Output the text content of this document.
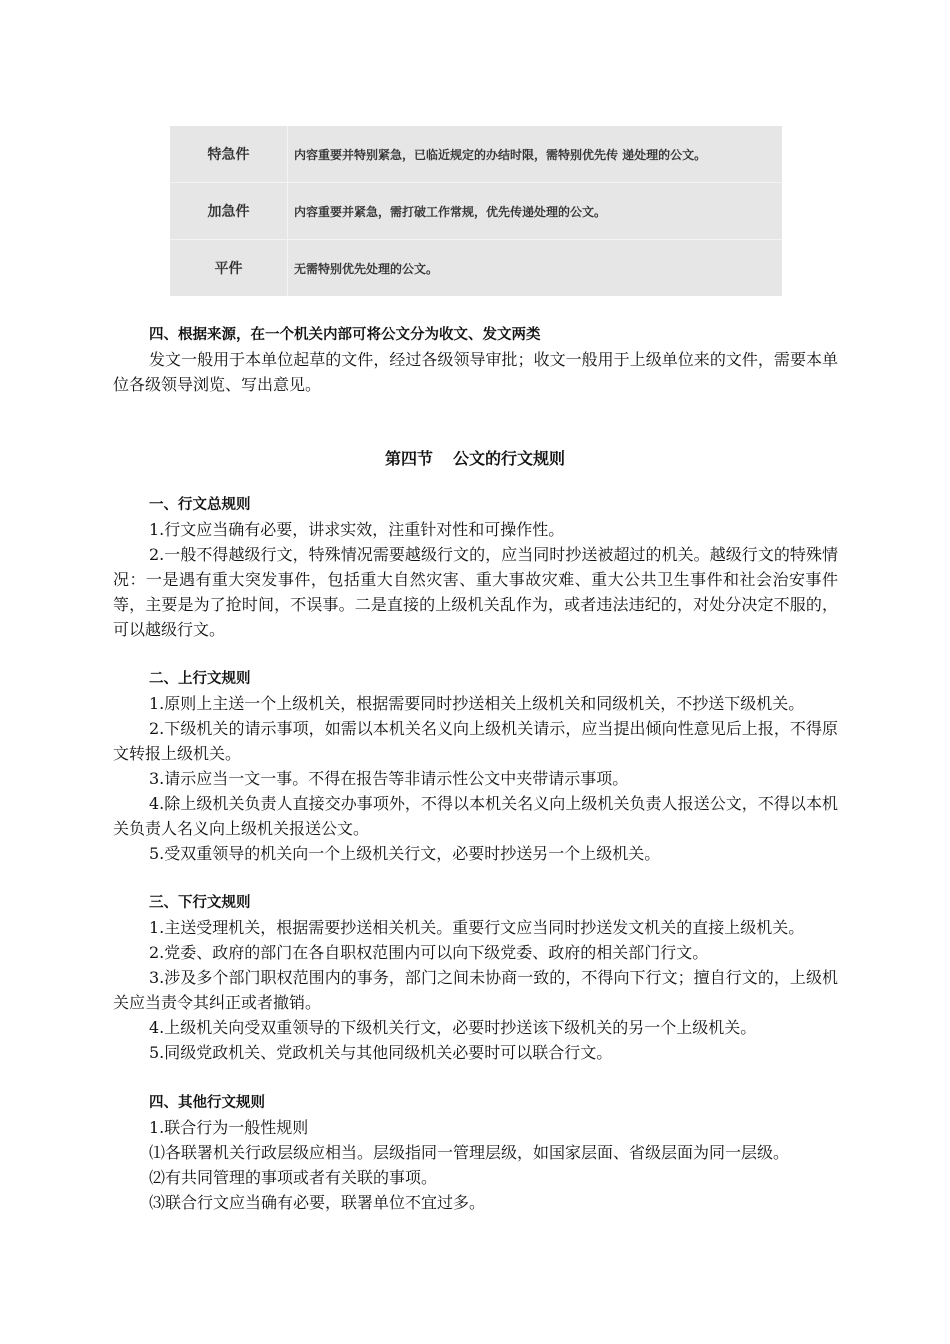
特急件	内容重要并特别紧急，已临近规定的办结时限，需特别优先传 递处理的公文。
加急件	内容重要并紧急，需打破工作常规，优先传递处理的公文。
平件	无需特别优先处理的公文。

四、根据来源，在一个机关内部可将公文分为收文、发文两类

发文一般用于本单位起草的文件，经过各级领导审批；收文一般用于上级单位来的文件，需要本单位各级领导浏览、写出意见。

第四节 公文的行文规则

一、行文总规则

1.行文应当确有必要，讲求实效，注重针对性和可操作性。

2.一般不得越级行文，特殊情况需要越级行文的，应当同时抄送被超过的机关。越级行文的特殊情况：一是遇有重大突发事件，包括重大自然灾害、重大事故灾难、重大公共卫生事件和社会治安事件等，主要是为了抢时间，不误事。二是直接的上级机关乱作为，或者违法违纪的，对处分决定不服的，可以越级行文。

二、上行文规则

1.原则上主送一个上级机关，根据需要同时抄送相关上级机关和同级机关，不抄送下级机关。

2.下级机关的请示事项，如需以本机关名义向上级机关请示，应当提出倾向性意见后上报，不得原文转报上级机关。

3.请示应当一文一事。不得在报告等非请示性公文中夹带请示事项。

4.除上级机关负责人直接交办事项外，不得以本机关名义向上级机关负责人报送公文，不得以本机关负责人名义向上级机关报送公文。

5.受双重领导的机关向一个上级机关行文，必要时抄送另一个上级机关。

三、下行文规则

1.主送受理机关，根据需要抄送相关机关。重要行文应当同时抄送发文机关的直接上级机关。

2.党委、政府的部门在各自职权范围内可以向下级党委、政府的相关部门行文。

3.涉及多个部门职权范围内的事务，部门之间未协商一致的，不得向下行文；擅自行文的，上级机关应当责令其纠正或者撤销。

4.上级机关向受双重领导的下级机关行文，必要时抄送该下级机关的另一个上级机关。

5.同级党政机关、党政机关与其他同级机关必要时可以联合行文。

四、其他行文规则

1.联合行为一般性规则

⑴各联署机关行政层级应相当。层级指同一管理层级，如国家层面、省级层面为同一层级。

⑵有共同管理的事项或者有关联的事项。

⑶联合行文应当确有必要，联署单位不宜过多。
